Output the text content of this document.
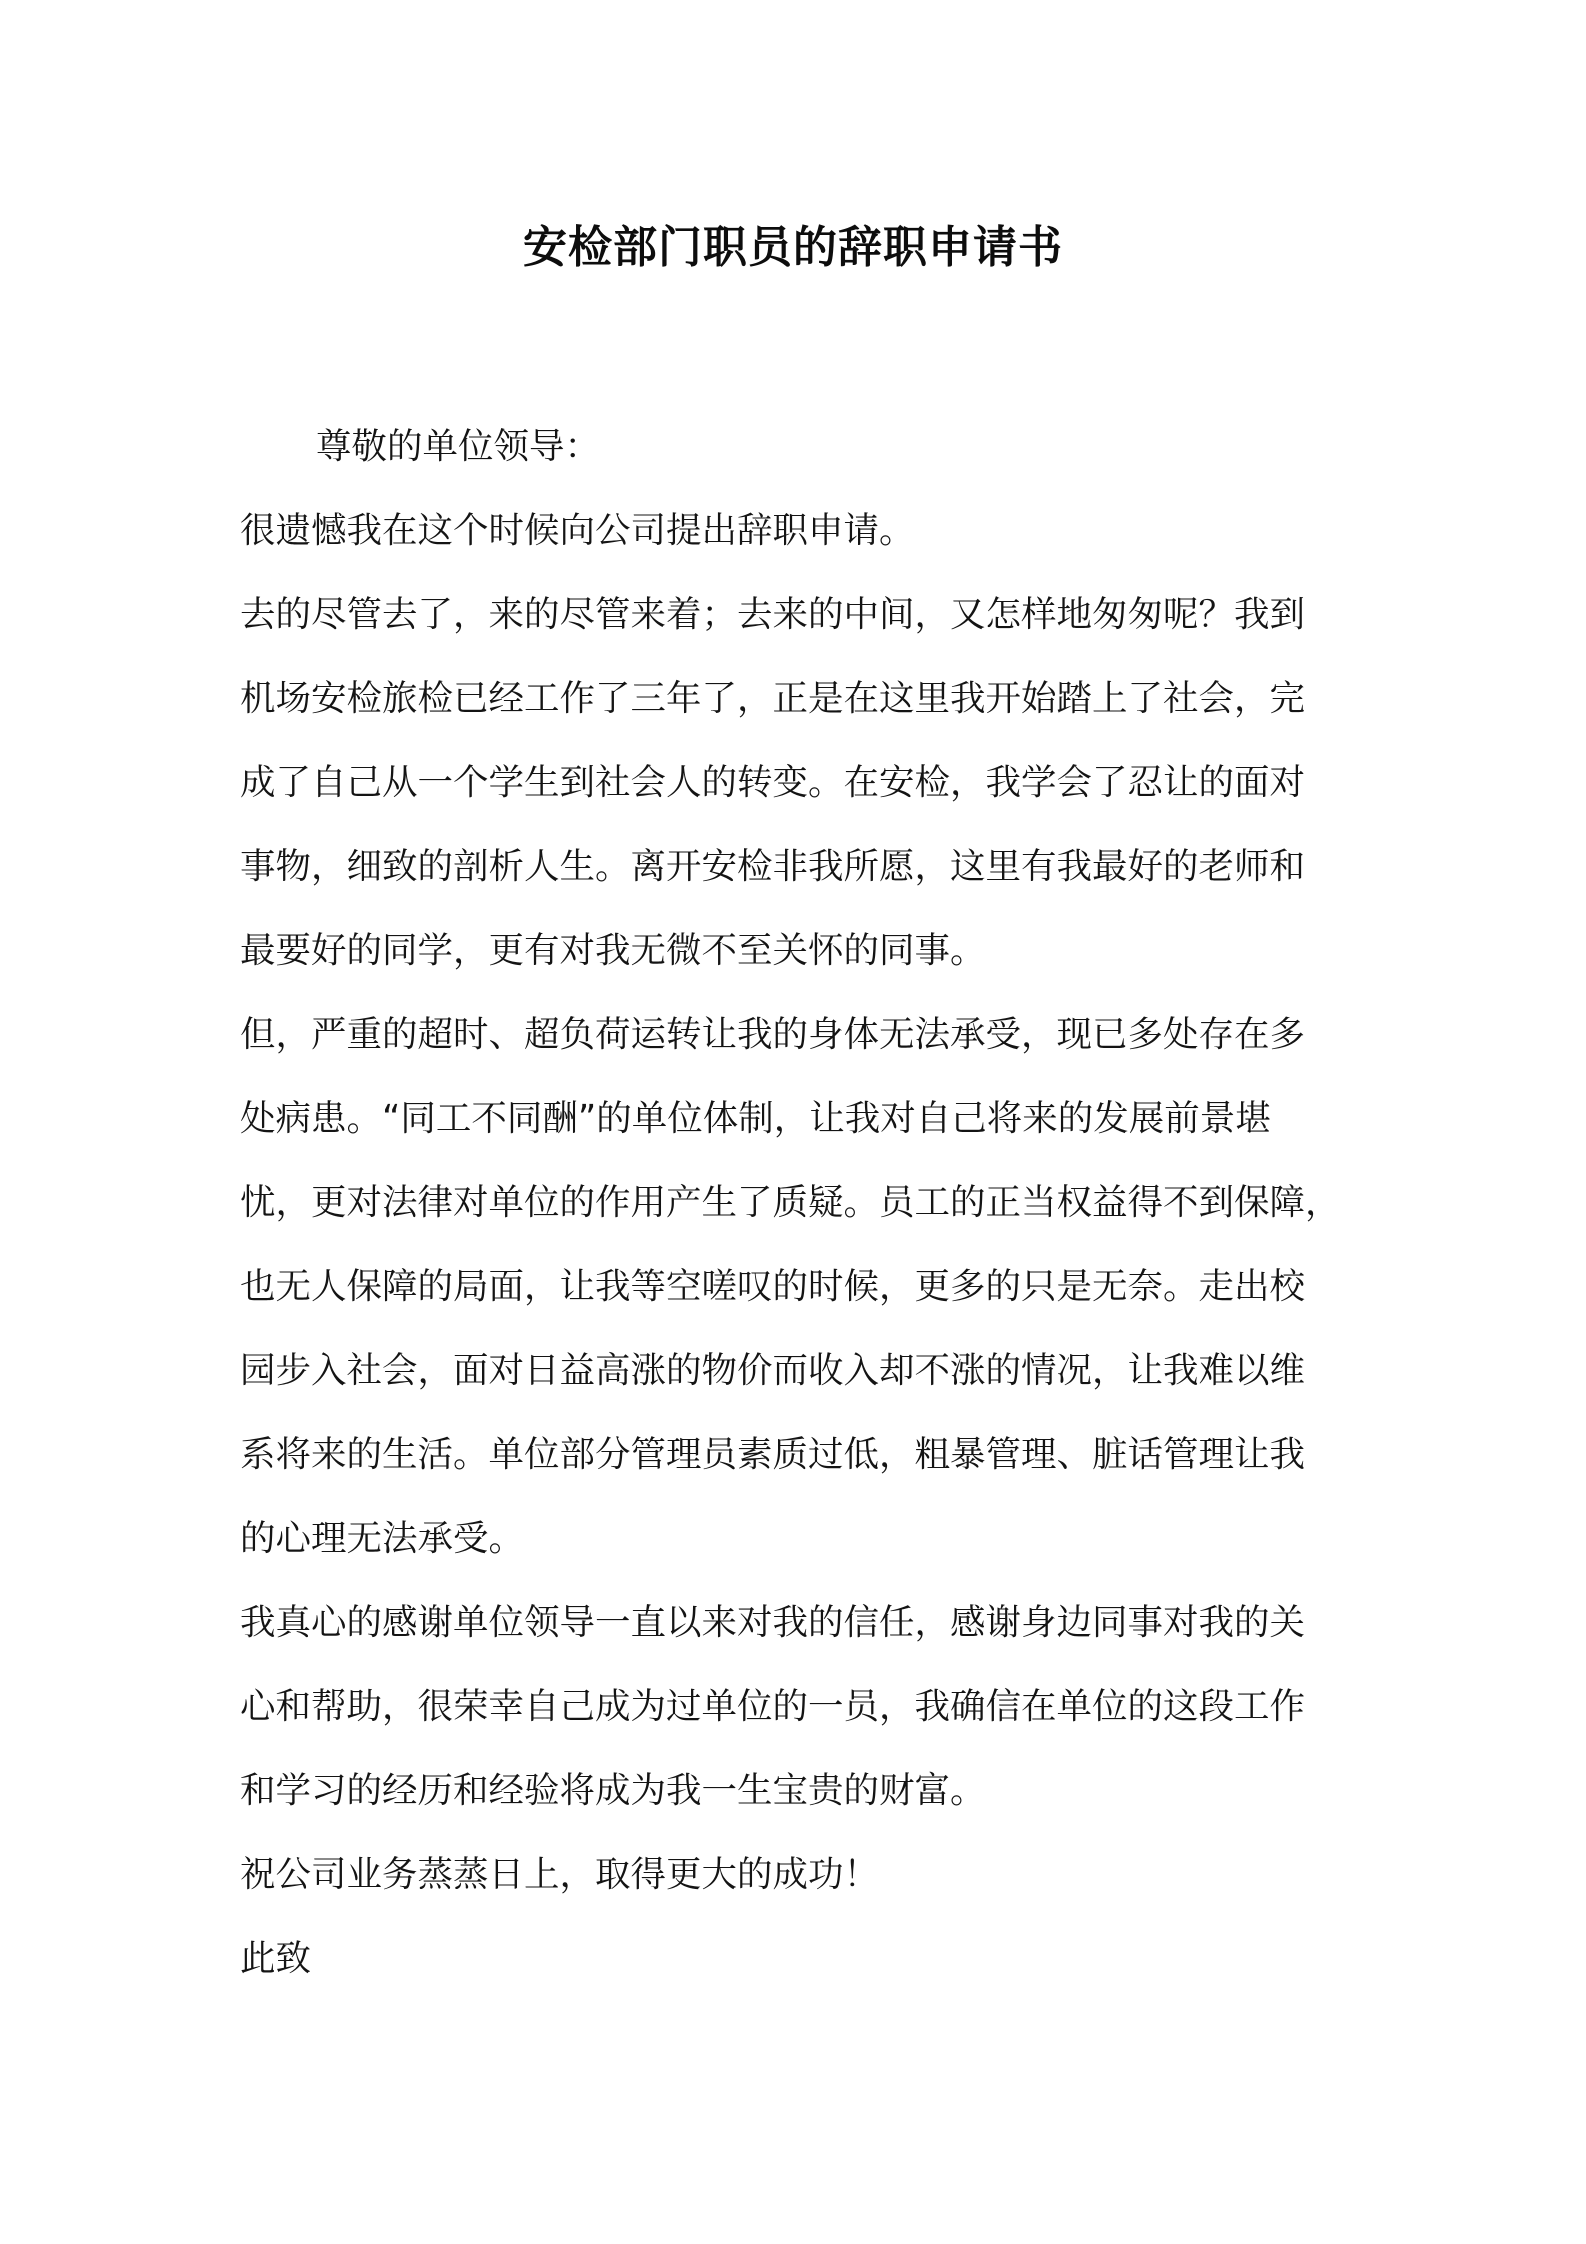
安检部门职员的辞职申请书
尊敬的单位领导：
很遗憾我在这个时候向公司提出辞职申请。
去的尽管去了，来的尽管来着；去来的中间，又怎样地匆匆呢？我到
机场安检旅检已经工作了三年了，正是在这里我开始踏上了社会，完
成了自己从一个学生到社会人的转变。在安检，我学会了忍让的面对
事物，细致的剖析人生。离开安检非我所愿，这里有我最好的老师和
最要好的同学，更有对我无微不至关怀的同事。
但，严重的超时、超负荷运转让我的身体无法承受，现已多处存在多
处病患。“同工不同酬”的单位体制，让我对自己将来的发展前景堪
忧，更对法律对单位的作用产生了质疑。员工的正当权益得不到保障，
也无人保障的局面，让我等空嗟叹的时候，更多的只是无奈。走出校
园步入社会，面对日益高涨的物价而收入却不涨的情况，让我难以维
系将来的生活。单位部分管理员素质过低，粗暴管理、脏话管理让我
的心理无法承受。
我真心的感谢单位领导一直以来对我的信任，感谢身边同事对我的关
心和帮助，很荣幸自己成为过单位的一员，我确信在单位的这段工作
和学习的经历和经验将成为我一生宝贵的财富。
祝公司业务蒸蒸日上，取得更大的成功！
此致
